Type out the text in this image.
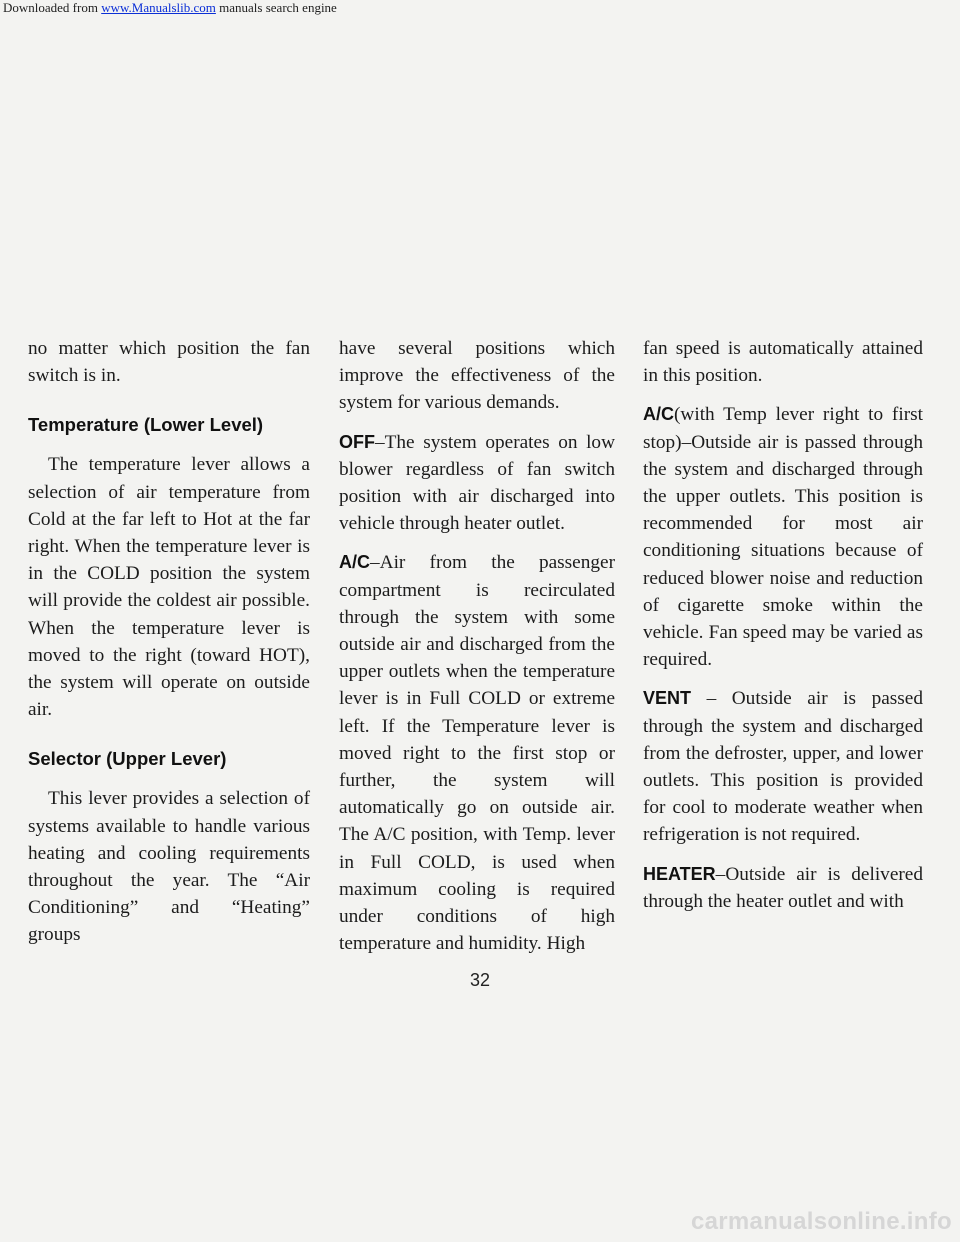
Downloaded from www.Manualslib.com manuals search engine

no matter which position the fan switch is in.

Temperature (Lower Level)

The temperature lever allows a selection of air temperature from Cold at the far left to Hot at the far right. When the temperature lever is in the COLD position the system will provide the coldest air possible. When the temperature lever is moved to the right (toward HOT), the system will operate on outside air.

Selector (Upper Lever)

This lever provides a selection of systems available to handle various heating and cooling requirements throughout the year. The “Air Conditioning” and “Heating” groups

have several positions which improve the effectiveness of the system for various demands.

OFF–The system operates on low blower regardless of fan switch position with air discharged into vehicle through heater outlet.

A/C–Air from the passenger compartment is recirculated through the system with some outside air and discharged from the upper outlets when the temperature lever is in Full COLD or extreme left. If the Temperature lever is moved right to the first stop or further, the system will automatically go on outside air. The A/C position, with Temp. lever in Full COLD, is used when maximum cooling is required under conditions of high temperature and humidity. High

fan speed is automatically attained in this position.

A/C(with Temp lever right to first stop)–Outside air is passed through the system and discharged through the upper outlets. This position is recommended for most air conditioning situations because of reduced blower noise and reduction of cigarette smoke within the vehicle. Fan speed may be varied as required.

VENT – Outside air is passed through the system and discharged from the defroster, upper, and lower outlets. This position is provided for cool to moderate weather when refrigeration is not required.

HEATER–Outside air is delivered through the heater outlet and with

32
carmanualsonline.info
